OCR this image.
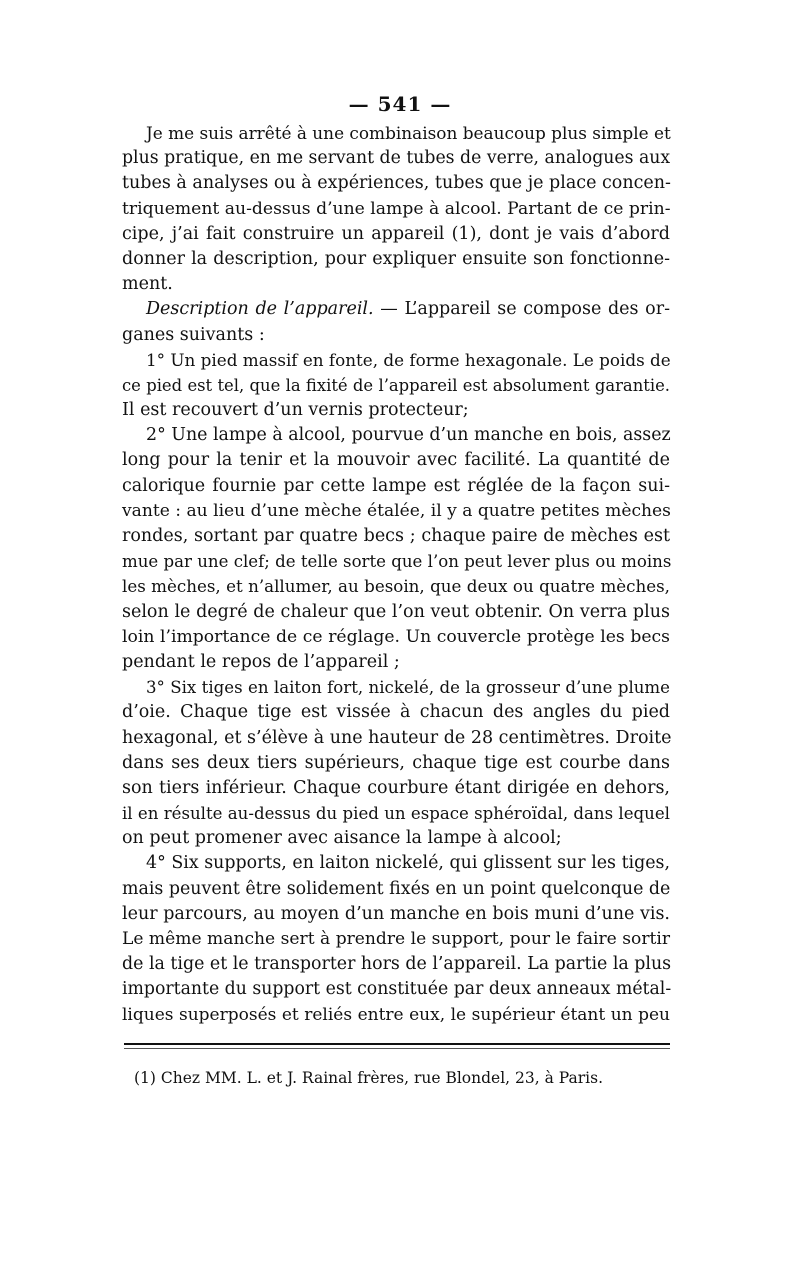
— 541 —
Je me suis arrêté à une combinaison beaucoup plus simple et
plus pratique, en me servant de tubes de verre, analogues aux
tubes à analyses ou à expériences, tubes que je place concen-
triquement au-dessus d’une lampe à alcool. Partant de ce prin-
cipe, j’ai fait construire un appareil (1), dont je vais d’abord
donner la description, pour expliquer ensuite son fonctionne-
ment.
Description de l’appareil. — L’appareil se compose des or-
ganes suivants :
1° Un pied massif en fonte, de forme hexagonale. Le poids de
ce pied est tel, que la fixité de l’appareil est absolument garantie.
Il est recouvert d’un vernis protecteur;
2° Une lampe à alcool, pourvue d’un manche en bois, assez
long pour la tenir et la mouvoir avec facilité. La quantité de
calorique fournie par cette lampe est réglée de la façon sui-
vante : au lieu d’une mèche étalée, il y a quatre petites mèches
rondes, sortant par quatre becs ; chaque paire de mèches est
mue par une clef; de telle sorte que l’on peut lever plus ou moins
les mèches, et n’allumer, au besoin, que deux ou quatre mèches,
selon le degré de chaleur que l’on veut obtenir. On verra plus
loin l’importance de ce réglage. Un couvercle protège les becs
pendant le repos de l’appareil ;
3° Six tiges en laiton fort, nickelé, de la grosseur d’une plume
d’oie. Chaque tige est vissée à chacun des angles du pied
hexagonal, et s’élève à une hauteur de 28 centimètres. Droite
dans ses deux tiers supérieurs, chaque tige est courbe dans
son tiers inférieur. Chaque courbure étant dirigée en dehors,
il en résulte au-dessus du pied un espace sphéroïdal, dans lequel
on peut promener avec aisance la lampe à alcool;
4° Six supports, en laiton nickelé, qui glissent sur les tiges,
mais peuvent être solidement fixés en un point quelconque de
leur parcours, au moyen d’un manche en bois muni d’une vis.
Le même manche sert à prendre le support, pour le faire sortir
de la tige et le transporter hors de l’appareil. La partie la plus
importante du support est constituée par deux anneaux métal-
liques superposés et reliés entre eux, le supérieur étant un peu
(1) Chez MM. L. et J. Rainal frères, rue Blondel, 23, à Paris.
